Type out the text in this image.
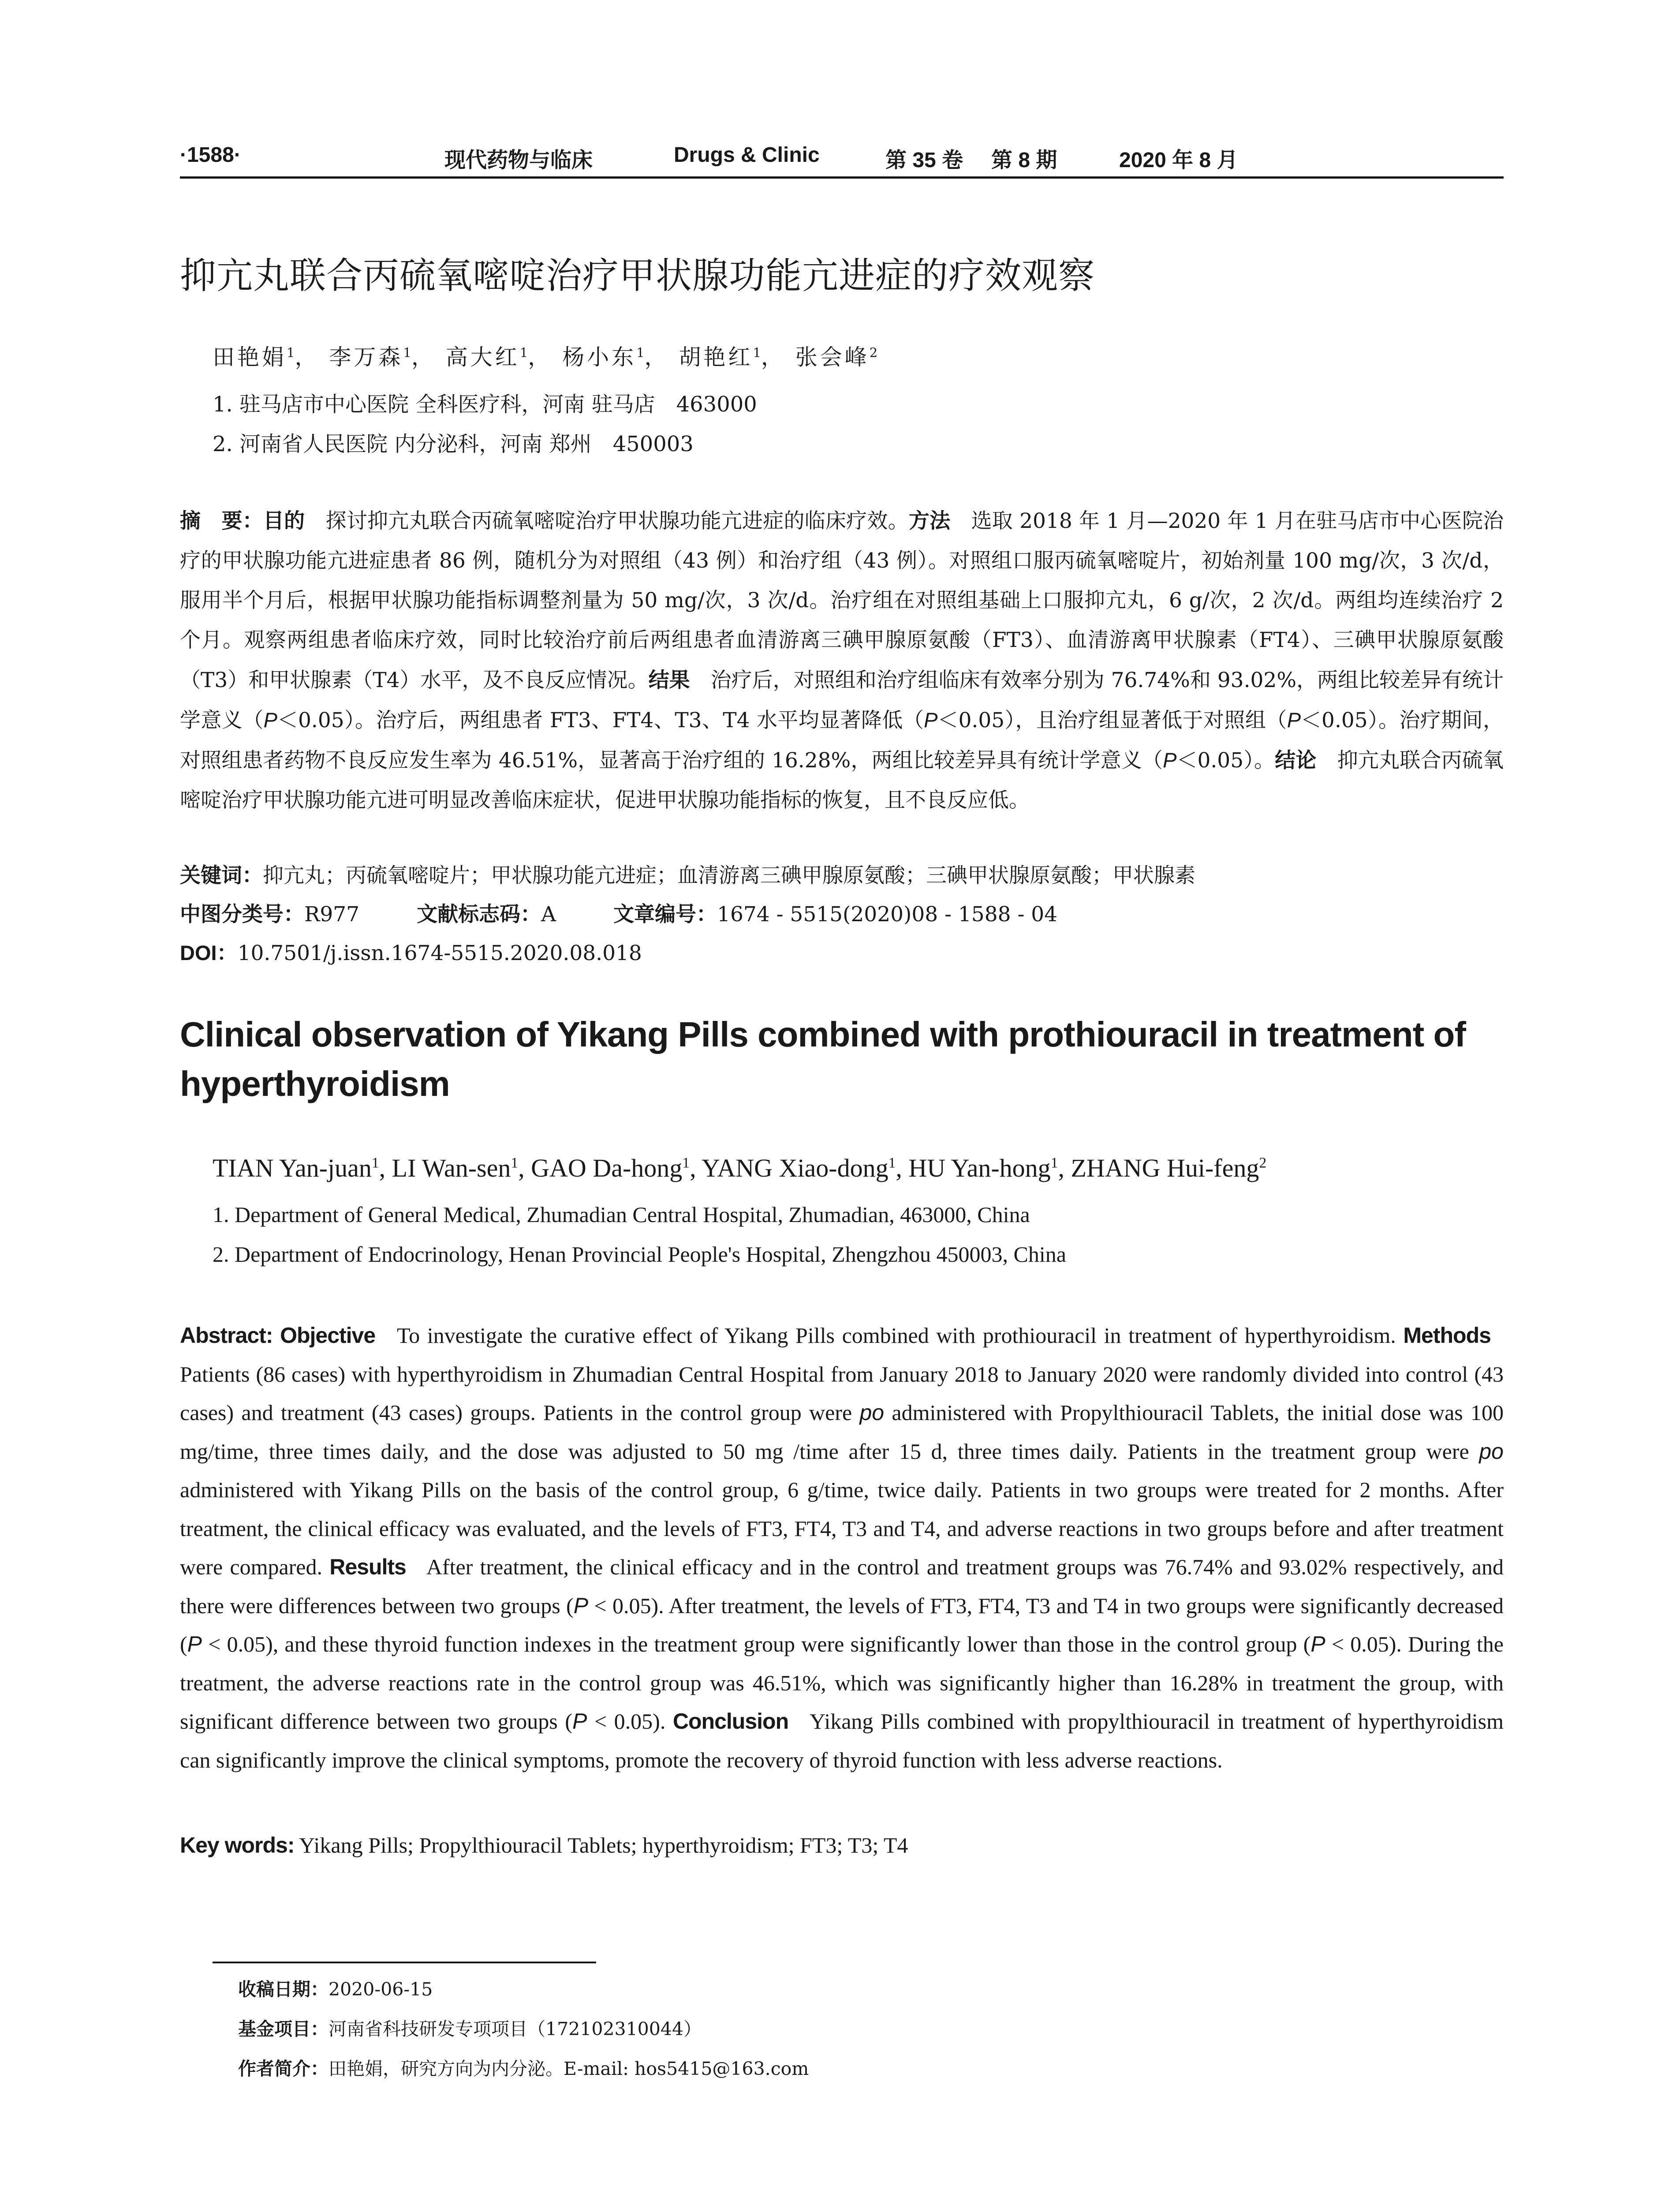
·1588·	现代药物与临床	Drugs & Clinic	第 35 卷 第 8 期	2020 年 8 月
抑亢丸联合丙硫氧嘧啶治疗甲状腺功能亢进症的疗效观察
田艳娟$^1$， 李万森$^1$， 高大红$^1$， 杨小东$^1$， 胡艳红$^1$， 张会峰$^2$
1. 驻马店市中心医院 全科医疗科，河南 驻马店　463000
2. 河南省人民医院 内分泌科，河南 郑州　450003
摘　要：目的　 探讨抑亢丸联合丙硫氧嘧啶治疗甲状腺功能亢进症的临床疗效。方法　 选取 2018 年 1 月—2020 年 1 月在驻马店市中心医院治疗的甲状腺功能亢进症患者 86 例，随机分为对照组（43 例）和治疗组（43 例）。对照组口服丙硫氧嘧啶片，初始剂量 100 mg/次，3 次/d，服用半个月后，根据甲状腺功能指标调整剂量为 50 mg/次，3 次/d。治疗组在对照组基础上口服抑亢丸，6 g/次，2 次/d。两组均连续治疗 2 个月。观察两组患者临床疗效，同时比较治疗前后两组患者血清游离三碘甲腺原氨酸（FT3）、血清游离甲状腺素（FT4）、三碘甲状腺原氨酸（T3）和甲状腺素（T4）水平，及不良反应情况。结果　 治疗后，对照组和治疗组临床有效率分别为 76.74%和 93.02%，两组比较差异有统计学意义（P＜0.05）。治疗后，两组患者 FT3、FT4、T3、T4 水平均显著降低（P＜0.05），且治疗组显著低于对照组（P＜0.05）。治疗期间，对照组患者药物不良反应发生率为 46.51%，显著高于治疗组的 16.28%，两组比较差异具有统计学意义（P＜0.05）。结论　 抑亢丸联合丙硫氧嘧啶治疗甲状腺功能亢进可明显改善临床症状，促进甲状腺功能指标的恢复，且不良反应低。
关键词：抑亢丸；丙硫氧嘧啶片；甲状腺功能亢进症；血清游离三碘甲腺原氨酸；三碘甲状腺原氨酸；甲状腺素
中图分类号：R977	文献标志码：A	文章编号：1674 - 5515(2020)08 - 1588 - 04
DOI：10.7501/j.issn.1674-5515.2020.08.018
Clinical observation of Yikang Pills combined with prothiouracil in treatment of hyperthyroidism
TIAN Yan-juan$^1$, LI Wan-sen$^1$, GAO Da-hong$^1$, YANG Xiao-dong$^1$, HU Yan-hong$^1$, ZHANG Hui-feng$^2$
1. Department of General Medical, Zhumadian Central Hospital, Zhumadian, 463000, China
2. Department of Endocrinology, Henan Provincial People's Hospital, Zhengzhou 450003, China
Abstract: Objective To investigate the curative effect of Yikang Pills combined with prothiouracil in treatment of hyperthyroidism. Methods   Patients (86 cases) with hyperthyroidism in Zhumadian Central Hospital from January 2018 to January 2020 were randomly divided into control (43 cases) and treatment (43 cases) groups. Patients in the control group were po administered with Propylthiouracil Tablets, the initial dose was 100 mg/time, three times daily, and the dose was adjusted to 50 mg /time after 15 d, three times daily. Patients in the treatment group were po administered with Yikang Pills on the basis of the control group, 6 g/time, twice daily. Patients in two groups were treated for 2 months. After treatment, the clinical efficacy was evaluated, and the levels of FT3, FT4, T3 and T4, and adverse reactions in two groups before and after treatment were compared. Results After treatment, the clinical efficacy and in the control and treatment groups was 76.74% and 93.02% respectively, and there were differences between two groups (P < 0.05). After treatment, the levels of FT3, FT4, T3 and T4 in two groups were significantly decreased (P < 0.05), and these thyroid function indexes in the treatment group were significantly lower than those in the control group (P < 0.05). During the treatment, the adverse reactions rate in the control group was 46.51%, which was significantly higher than 16.28% in treatment the group, with significant difference between two groups (P < 0.05). Conclusion Yikang Pills combined with propylthiouracil in treatment of hyperthyroidism can significantly improve the clinical symptoms, promote the recovery of thyroid function with less adverse reactions.
Key words: Yikang Pills; Propylthiouracil Tablets; hyperthyroidism; FT3; T3; T4
收稿日期：2020-06-15
基金项目：河南省科技研发专项项目（172102310044）
作者简介：田艳娟，研究方向为内分泌。E-mail: hos5415@163.com
